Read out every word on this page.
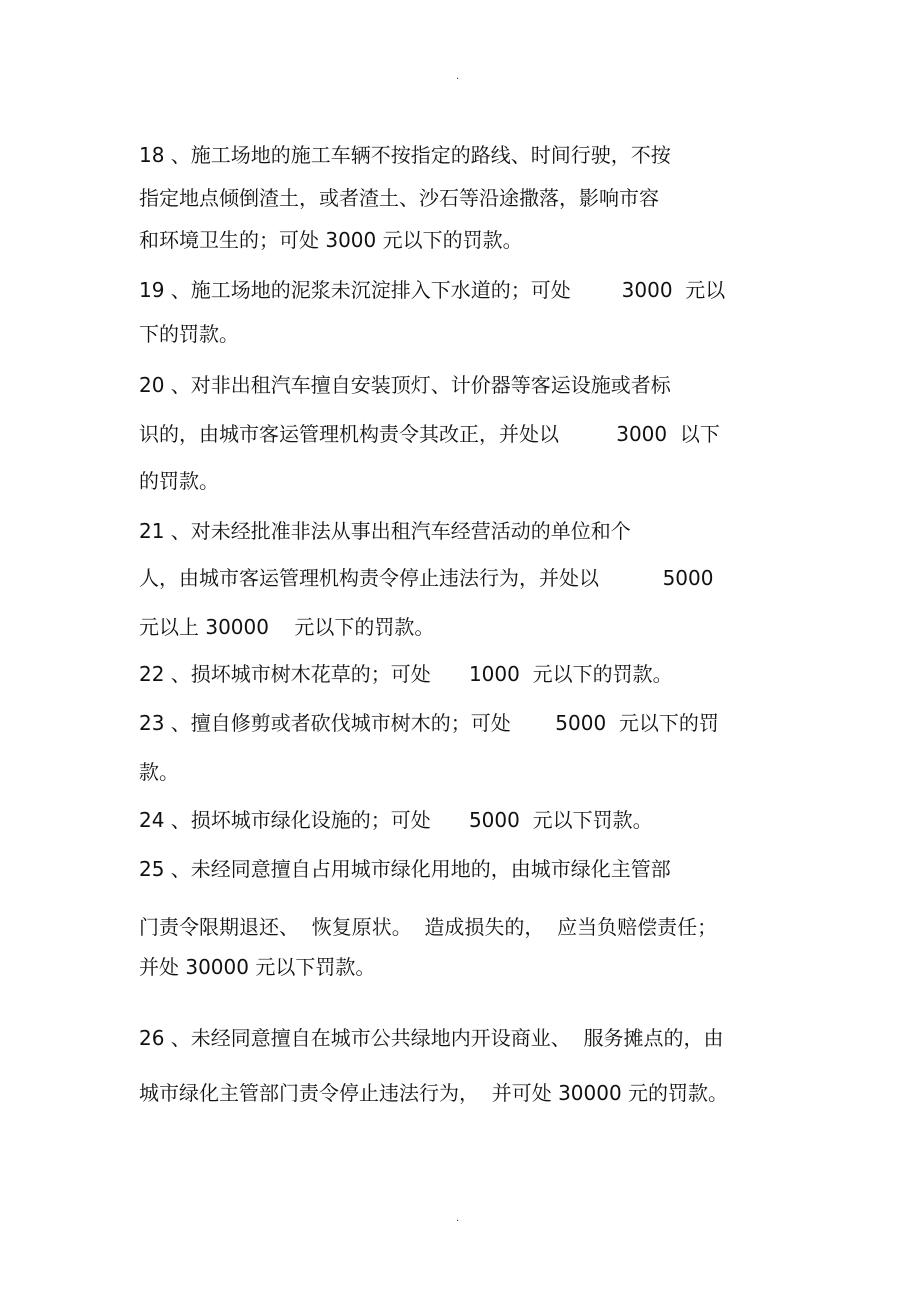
.
18 、施工场地的施工车辆不按指定的路线、时间行驶，不按
指定地点倾倒渣土，或者渣土、沙石等沿途撒落，影响市容
和环境卫生的；可处 3000 元以下的罚款。
19 、施工场地的泥浆未沉淀排入下水道的；可处        3000  元以
下的罚款。
20 、对非出租汽车擅自安装顶灯、计价器等客运设施或者标
识的，由城市客运管理机构责令其改正，并处以         3000  以下
的罚款。
21 、对未经批准非法从事出租汽车经营活动的单位和个
人，由城市客运管理机构责令停止违法行为，并处以          5000
元以上 30000    元以下的罚款。
22 、损坏城市树木花草的；可处      1000  元以下的罚款。
23 、擅自修剪或者砍伐城市树木的；可处       5000  元以下的罚
款。
24 、损坏城市绿化设施的；可处      5000  元以下罚款。
25 、未经同意擅自占用城市绿化用地的，由城市绿化主管部
门责令限期退还、  恢复原状。  造成损失的，  应当负赔偿责任；
并处 30000 元以下罚款。
26 、未经同意擅自在城市公共绿地内开设商业、  服务摊点的，由
城市绿化主管部门责令停止违法行为，  并可处 30000 元的罚款。
.
